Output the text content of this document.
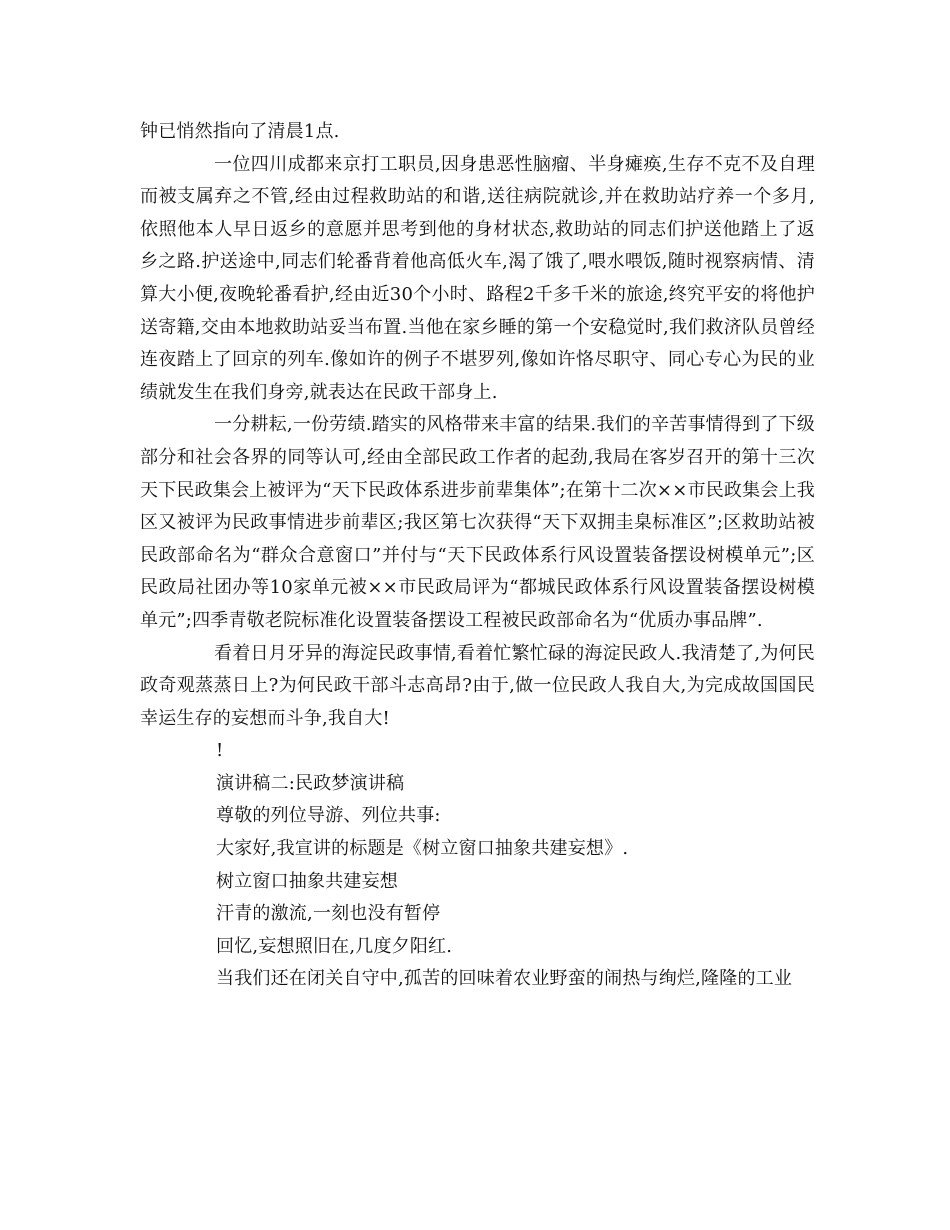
钟已悄然指向了清晨1点.

一位四川成都来京打工职员,因身患恶性脑瘤、半身瘫痪,生存不克不及自理而被支属弃之不管,经由过程救助站的和谐,送往病院就诊,并在救助站疗养一个多月,依照他本人早日返乡的意愿并思考到他的身材状态,救助站的同志们护送他踏上了返乡之路.护送途中,同志们轮番背着他高低火车,渴了饿了,喂水喂饭,随时视察病情、清算大小便,夜晚轮番看护,经由近30个小时、路程2千多千米的旅途,终究平安的将他护送寄籍,交由本地救助站妥当布置.当他在家乡睡的第一个安稳觉时,我们救济队员曾经连夜踏上了回京的列车.像如许的例子不堪罗列,像如许恪尽职守、同心专心为民的业绩就发生在我们身旁,就表达在民政干部身上.

一分耕耘,一份劳绩.踏实的风格带来丰富的结果.我们的辛苦事情得到了下级部分和社会各界的同等认可,经由全部民政工作者的起劲,我局在客岁召开的第十三次天下民政集会上被评为“天下民政体系进步前辈集体”;在第十二次××市民政集会上我区又被评为民政事情进步前辈区;我区第七次获得“天下双拥圭臬标准区”;区救助站被民政部命名为“群众合意窗口”并付与“天下民政体系行风设置装备摆设树模单元”;区民政局社团办等10家单元被××市民政局评为“都城民政体系行风设置装备摆设树模单元”;四季青敬老院标准化设置装备摆设工程被民政部命名为“优质办事品牌”.

看着日月牙异的海淀民政事情,看着忙繁忙碌的海淀民政人.我清楚了,为何民政奇观蒸蒸日上?为何民政干部斗志高昂?由于,做一位民政人我自大,为完成故国国民幸运生存的妄想而斗争,我自大!

!

演讲稿二:民政梦演讲稿

尊敬的列位导游、列位共事:

大家好,我宣讲的标题是《树立窗口抽象共建妄想》.

树立窗口抽象共建妄想

汗青的激流,一刻也没有暂停

回忆,妄想照旧在,几度夕阳红.

当我们还在闭关自守中,孤苦的回味着农业野蛮的闹热与绚烂,隆隆的工业
